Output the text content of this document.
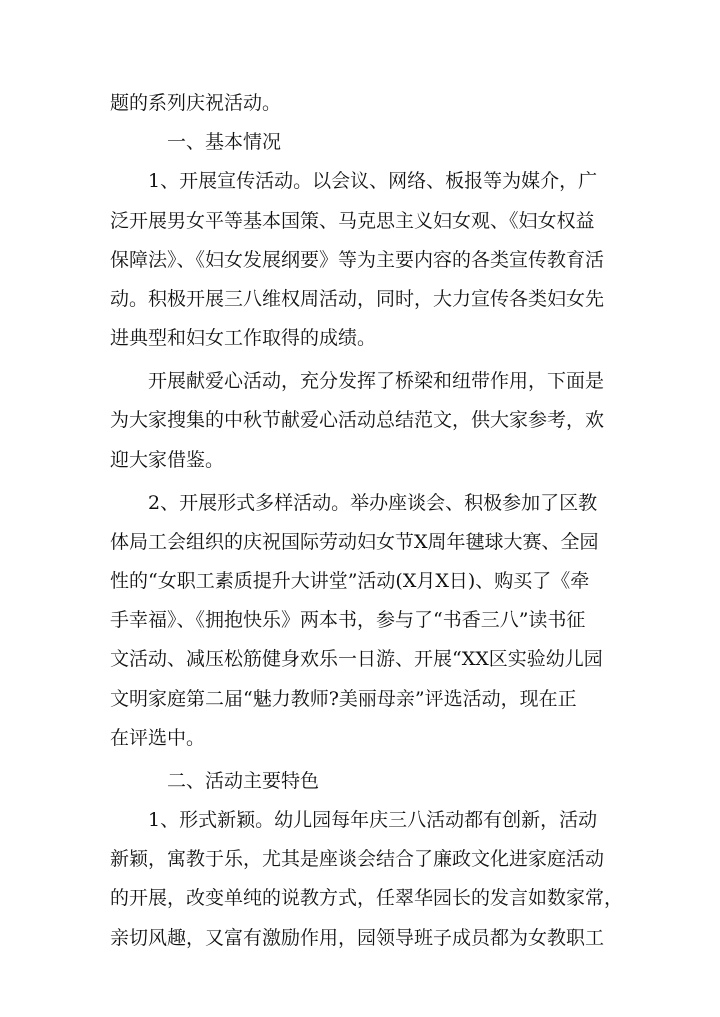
题的系列庆祝活动。
一、基本情况
1、开展宣传活动。以会议、网络、板报等为媒介，广
泛开展男女平等基本国策、马克思主义妇女观、《妇女权益
保障法》、《妇女发展纲要》等为主要内容的各类宣传教育活
动。积极开展三八维权周活动，同时，大力宣传各类妇女先
进典型和妇女工作取得的成绩。
开展献爱心活动，充分发挥了桥梁和纽带作用，下面是
为大家搜集的中秋节献爱心活动总结范文，供大家参考，欢
迎大家借鉴。
2、开展形式多样活动。举办座谈会、积极参加了区教
体局工会组织的庆祝国际劳动妇女节X周年毽球大赛、全园
性的“女职工素质提升大讲堂”活动(X月X日)、购买了《牵
手幸福》、《拥抱快乐》两本书，参与了“书香三八”读书征
文活动、减压松筋健身欢乐一日游、开展“XX区实验幼儿园
文明家庭第二届“魅力教师?美丽母亲”评选活动，现在正
在评选中。
二、活动主要特色
1、形式新颖。幼儿园每年庆三八活动都有创新，活动
新颖，寓教于乐，尤其是座谈会结合了廉政文化进家庭活动
的开展，改变单纯的说教方式，任翠华园长的发言如数家常，
亲切风趣，又富有激励作用，园领导班子成员都为女教职工
